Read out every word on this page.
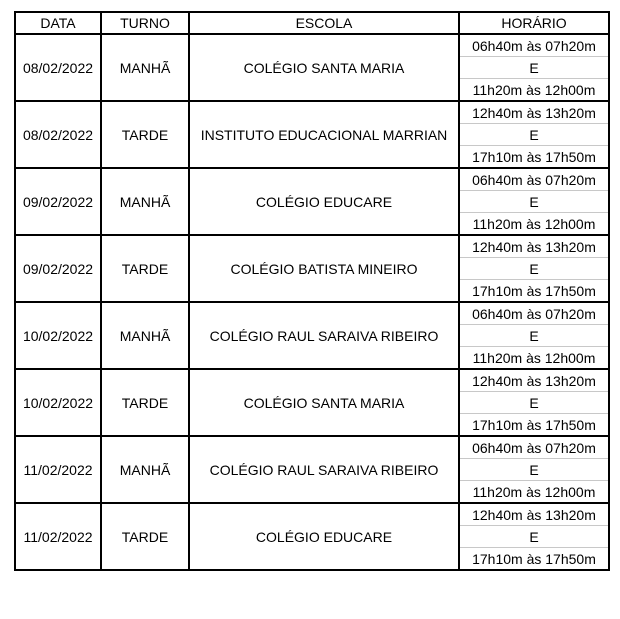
DATA	TURNO	ESCOLA	HORÁRIO
08/02/2022	MANHÃ	COLÉGIO SANTA MARIA	06h40m às 07h20m
			E
			11h20m às 12h00m
08/02/2022	TARDE	INSTITUTO EDUCACIONAL MARRIAN	12h40m às 13h20m
			E
			17h10m às 17h50m
09/02/2022	MANHÃ	COLÉGIO EDUCARE	06h40m às 07h20m
			E
			11h20m às 12h00m
09/02/2022	TARDE	COLÉGIO BATISTA MINEIRO	12h40m às 13h20m
			E
			17h10m às 17h50m
10/02/2022	MANHÃ	COLÉGIO RAUL SARAIVA RIBEIRO	06h40m às 07h20m
			E
			11h20m às 12h00m
10/02/2022	TARDE	COLÉGIO SANTA MARIA	12h40m às 13h20m
			E
			17h10m às 17h50m
11/02/2022	MANHÃ	COLÉGIO RAUL SARAIVA RIBEIRO	06h40m às 07h20m
			E
			11h20m às 12h00m
11/02/2022	TARDE	COLÉGIO EDUCARE	12h40m às 13h20m
			E
			17h10m às 17h50m
